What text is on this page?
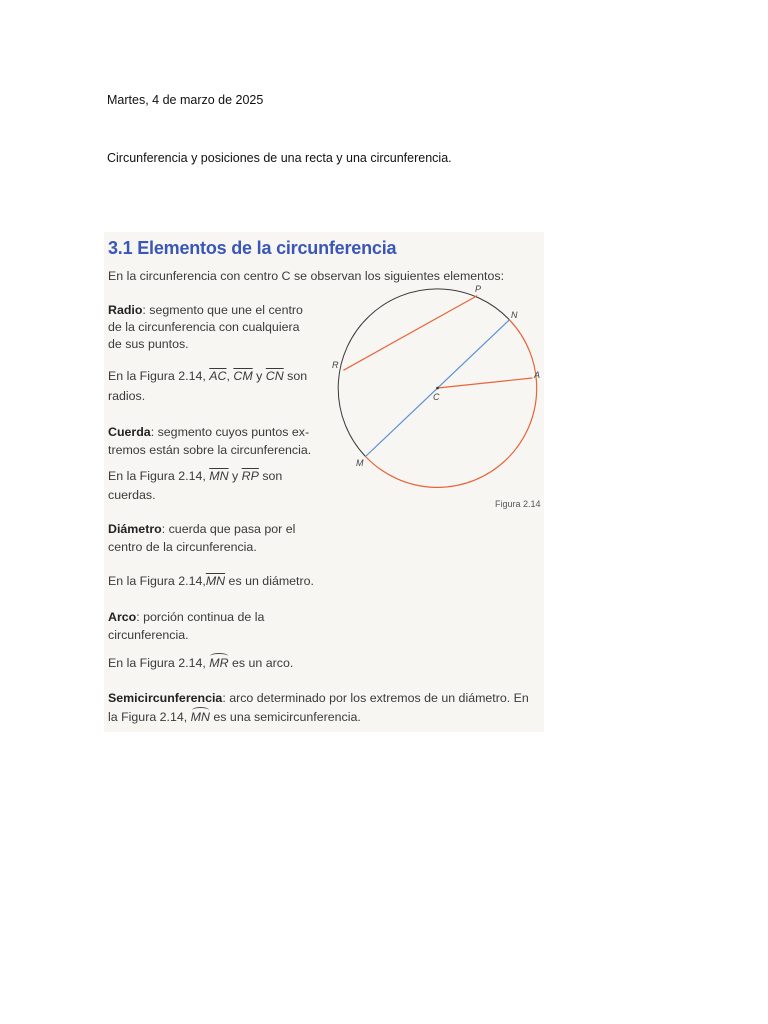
Martes, 4 de marzo de 2025
Circunferencia y posiciones de una recta y una circunferencia.
3.1 Elementos de la circunferencia
En la circunferencia con centro C se observan los siguientes elementos:
Radio: segmento que une el centro
de la circunferencia con cualquiera
de sus puntos.
En la Figura 2.14, $\overline{AC}$, $\overline{CM}$ y $\overline{CN}$ son
radios.
Cuerda: segmento cuyos puntos ex-
tremos están sobre la circunferencia.
En la Figura 2.14, $\overline{MN}$ y $\overline{RP}$ son
cuerdas.
Diámetro: cuerda que pasa por el
centro de la circunferencia.
En la Figura $2.14,\overline{MN}$ es un diámetro.
Arco: porción continua de la
circunferencia.
En la Figura 2.14, MR es un arco.
Semicircunferencia: arco determinado por los extremos de un diámetro. En
la Figura 2.14, MN es una semicircunferencia.
P
N
R
A
C
M
Figura 2.14
